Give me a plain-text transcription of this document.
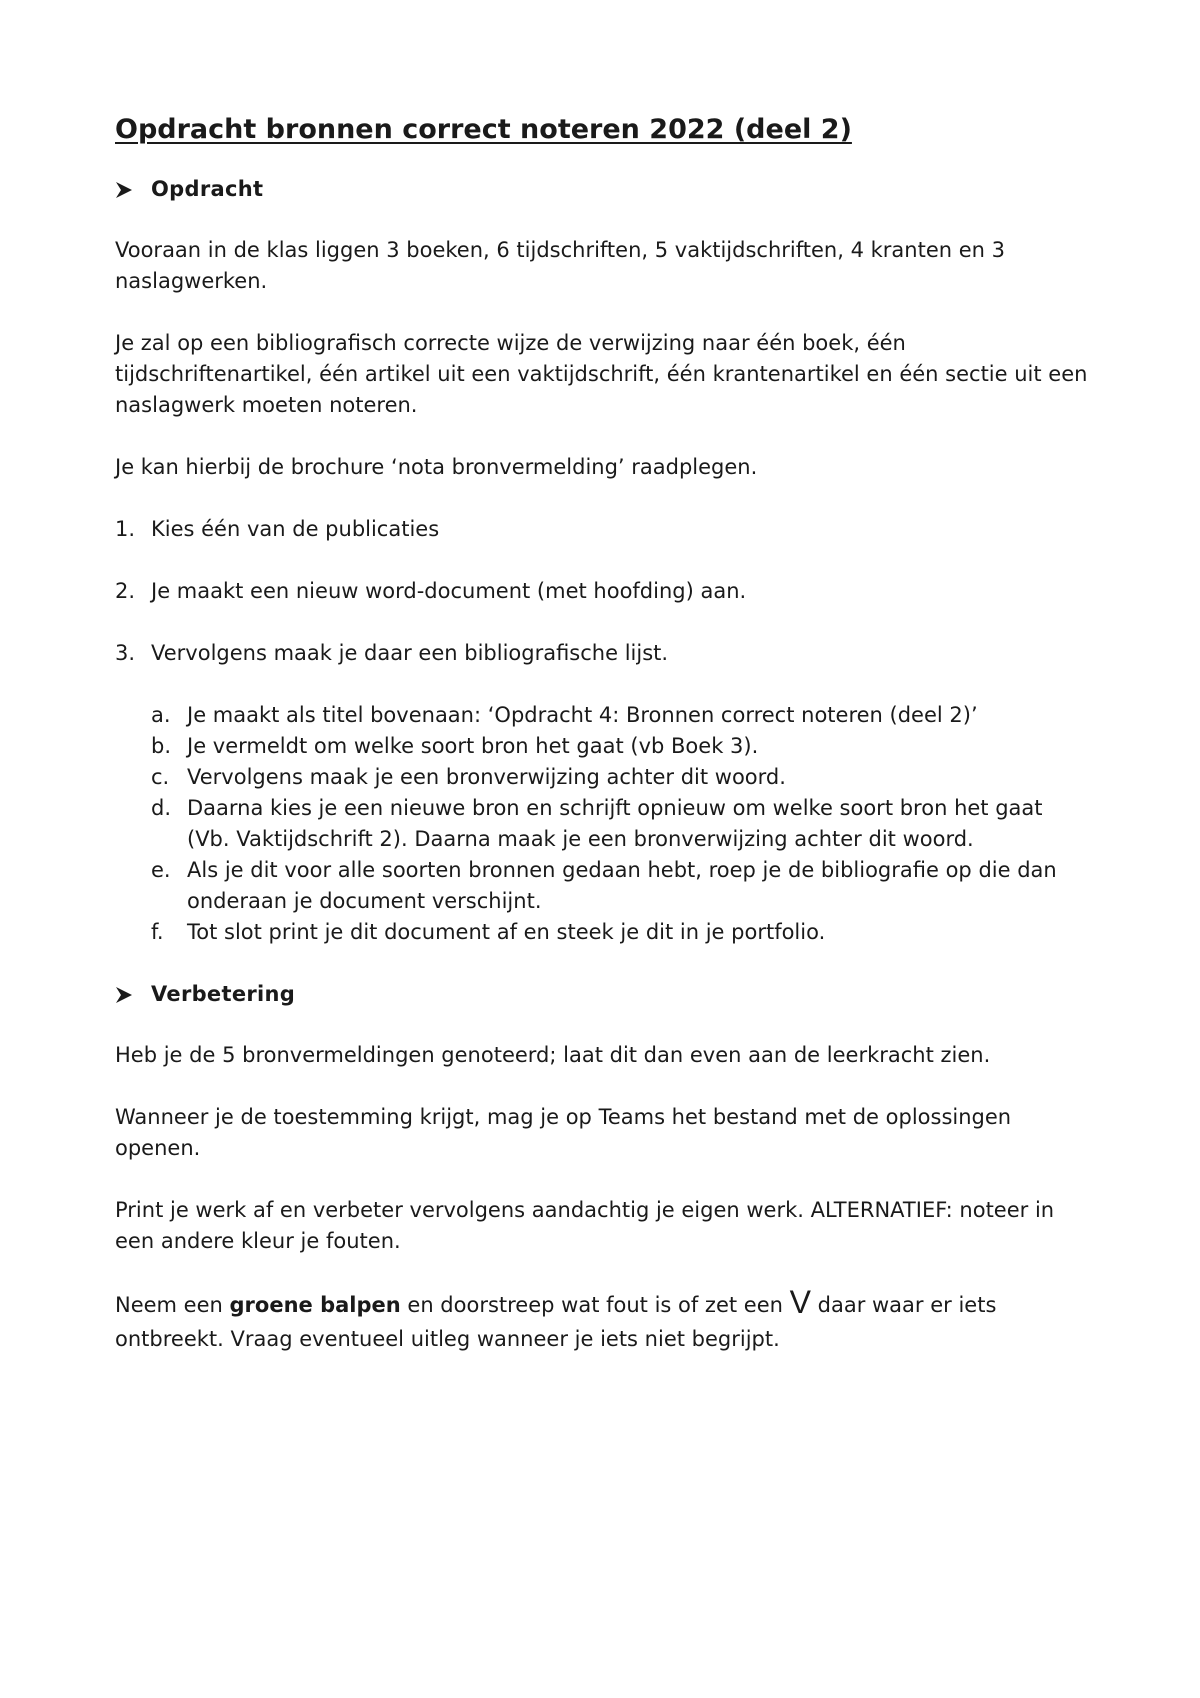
Opdracht bronnen correct noteren 2022 (deel 2)
Opdracht

Vooraan in de klas liggen 3 boeken, 6 tijdschriften, 5 vaktijdschriften, 4 kranten en 3 naslagwerken.

Je zal op een bibliografisch correcte wijze de verwijzing naar één boek, één tijdschriftenartikel, één artikel uit een vaktijdschrift, één krantenartikel en één sectie uit een naslagwerk moeten noteren.

Je kan hierbij de brochure ‘nota bronvermelding’ raadplegen.

1. Kies één van de publicaties
2. Je maakt een nieuw word-document (met hoofding) aan.
3. Vervolgens maak je daar een bibliografische lijst.
a. Je maakt als titel bovenaan: ‘Opdracht 4: Bronnen correct noteren (deel 2)’
b. Je vermeldt om welke soort bron het gaat (vb Boek 3).
c. Vervolgens maak je een bronverwijzing achter dit woord.
d. Daarna kies je een nieuwe bron en schrijft opnieuw om welke soort bron het gaat (Vb. Vaktijdschrift 2). Daarna maak je een bronverwijzing achter dit woord.
e. Als je dit voor alle soorten bronnen gedaan hebt, roep je de bibliografie op die dan onderaan je document verschijnt.
f.	Tot slot print je dit document af en steek je dit in je portfolio.
Verbetering

Heb je de 5 bronvermeldingen genoteerd; laat dit dan even aan de leerkracht zien.

Wanneer je de toestemming krijgt, mag je op Teams het bestand met de oplossingen openen.

Print je werk af en verbeter vervolgens aandachtig je eigen werk. ALTERNATIEF: noteer in een andere kleur je fouten.

Neem een groene balpen en doorstreep wat fout is of zet een V daar waar er iets ontbreekt. Vraag eventueel uitleg wanneer je iets niet begrijpt.
